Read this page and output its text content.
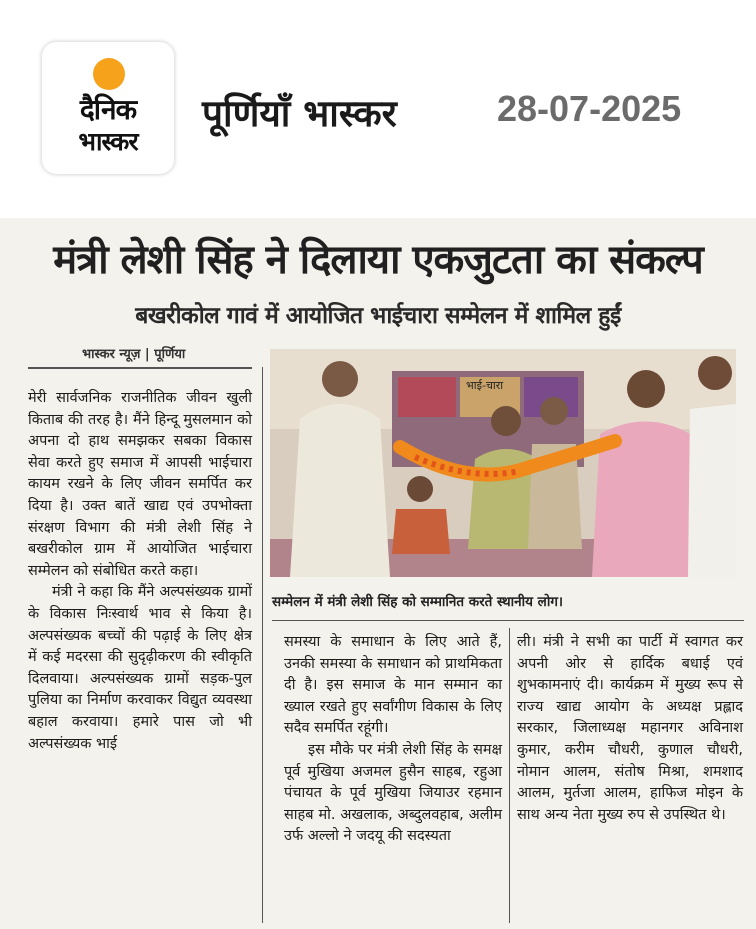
दैनिक
भास्कर
पूर्णियाँ भास्कर	28-07-2025
मंत्री लेशी सिंह ने दिलाया एकजुटता का संकल्प
बखरीकोल गावं में आयोजित भाईचारा सम्मेलन में शामिल हुईं
भास्कर न्यूज़ | पूर्णिया

मेरी सार्वजनिक राजनीतिक जीवन खुली किताब की तरह है। मैंने हिन्दू मुसलमान को अपना दो हाथ समझकर सबका विकास सेवा करते हुए समाज में आपसी भाईचारा कायम रखने के लिए जीवन समर्पित कर दिया है। उक्त बातें खाद्य एवं उपभोक्ता संरक्षण विभाग की मंत्री लेशी सिंह ने बखरीकोल ग्राम में आयोजित भाईचारा सम्मेलन को संबोधित करते कहा।

मंत्री ने कहा कि मैंने अल्पसंख्यक ग्रामों के विकास निःस्वार्थ भाव से किया है। अल्पसंख्यक बच्चों की पढ़ाई के लिए क्षेत्र में कई मदरसा की सुदृढ़ीकरण की स्वीकृति दिलवाया। अल्पसंख्यक ग्रामों सड़क-पुल पुलिया का निर्माण करवाकर विद्युत व्यवस्था बहाल करवाया। हमारे पास जो भी अल्पसंख्यक भाई

भाई-चारा
सम्मेलन में मंत्री लेशी सिंह को सम्मानित करते स्थानीय लोग।

समस्या के समाधान के लिए आते हैं, उनकी समस्या के समाधान को प्राथमिकता दी है। इस समाज के मान सम्मान का ख्याल रखते हुए सर्वांगीण विकास के लिए सदैव समर्पित रहूंगी।

इस मौके पर मंत्री लेशी सिंह के समक्ष पूर्व मुखिया अजमल हुसैन साहब, रहुआ पंचायत के पूर्व मुखिया जियाउर रहमान साहब मो. अखलाक, अब्दुलवहाब, अलीम उर्फ अल्लो ने जदयू की सदस्यता

ली। मंत्री ने सभी का पार्टी में स्वागत कर अपनी ओर से हार्दिक बधाई एवं शुभकामनाएं दी। कार्यक्रम में मुख्य रूप से राज्य खाद्य आयोग के अध्यक्ष प्रह्लाद सरकार, जिलाध्यक्ष महानगर अविनाश कुमार, करीम चौधरी, कुणाल चौधरी, नोमान आलम, संतोष मिश्रा, शमशाद आलम, मुर्तजा आलम, हाफिज मोइन के साथ अन्य नेता मुख्य रुप से उपस्थित थे।
